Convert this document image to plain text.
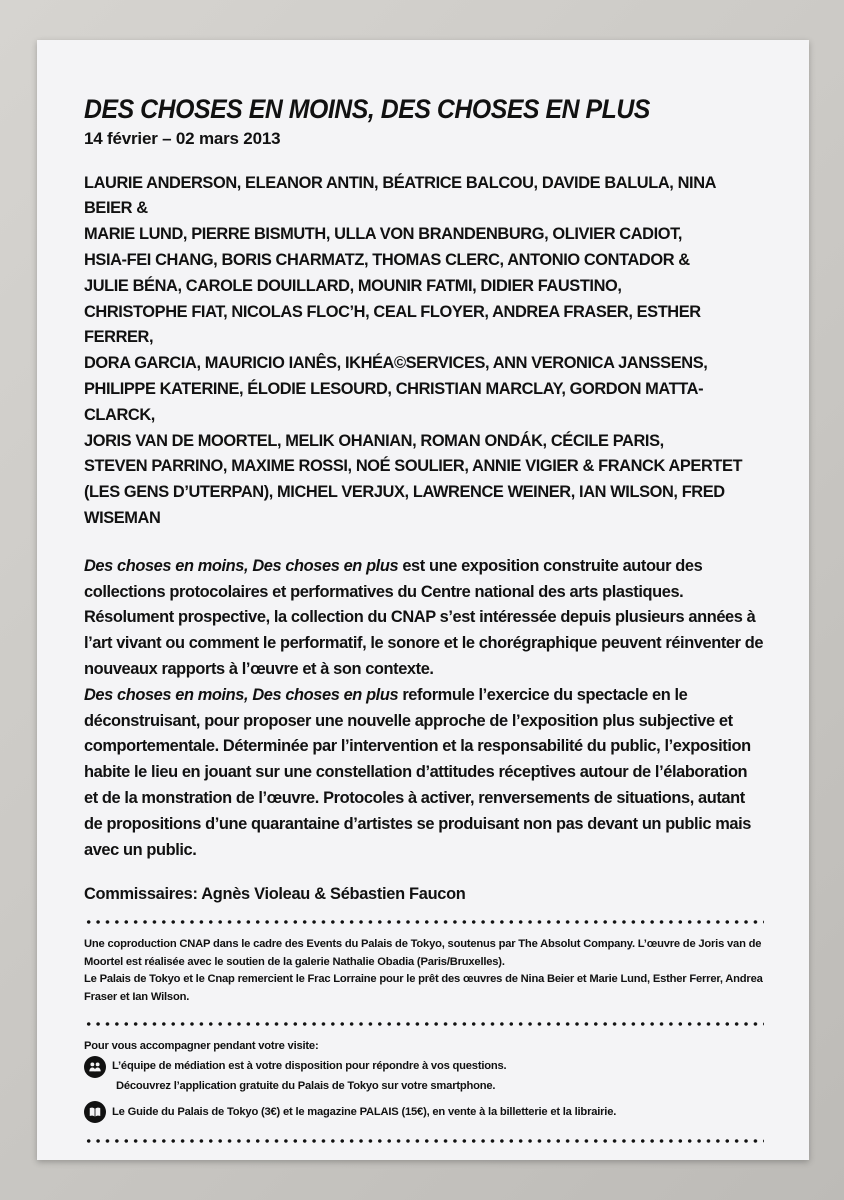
DES CHOSES EN MOINS, DES CHOSES EN PLUS
14 février – 02 mars 2013
LAURIE ANDERSON, ELEANOR ANTIN, BÉATRICE BALCOU, DAVIDE BALULA, NINA BEIER &
MARIE LUND, PIERRE BISMUTH, ULLA VON BRANDENBURG, OLIVIER CADIOT,
HSIA-FEI CHANG, BORIS CHARMATZ, THOMAS CLERC, ANTONIO CONTADOR &
JULIE BÉNA, CAROLE DOUILLARD, MOUNIR FATMI, DIDIER FAUSTINO,
CHRISTOPHE FIAT, NICOLAS FLOC’H, CEAL FLOYER, ANDREA FRASER, ESTHER FERRER,
DORA GARCIA, MAURICIO IANÊS, IKHÉA©SERVICES, ANN VERONICA JANSSENS,
PHILIPPE KATERINE, ÉLODIE LESOURD, CHRISTIAN MARCLAY, GORDON MATTA-CLARCK,
JORIS VAN DE MOORTEL, MELIK OHANIAN, ROMAN ONDÁK, CÉCILE PARIS,
STEVEN PARRINO, MAXIME ROSSI, NOÉ SOULIER, ANNIE VIGIER & FRANCK APERTET
(LES GENS D’UTERPAN), MICHEL VERJUX, LAWRENCE WEINER, IAN WILSON, FRED
WISEMAN

Des choses en moins, Des choses en plus est une exposition construite autour des collections protocolaires et performatives du Centre national des arts plastiques. Résolument prospective, la collection du CNAP s’est intéressée depuis plusieurs années à l’art vivant ou comment le performatif, le sonore et le chorégraphique peuvent réinventer de nouveaux rapports à l’œuvre et à son contexte.

Des choses en moins, Des choses en plus reformule l’exercice du spectacle en le déconstruisant, pour proposer une nouvelle approche de l’exposition plus subjective et comportementale. Déterminée par l’intervention et la responsabilité du public, l’exposition habite le lieu en jouant sur une constellation d’attitudes réceptives autour de l’élaboration et de la monstration de l’œuvre. Protocoles à activer, renversements de situations, autant de propositions d’une quarantaine d’artistes se produisant non pas devant un public mais avec un public.

Commissaires: Agnès Violeau & Sébastien Faucon

Une coproduction CNAP dans le cadre des Events du Palais de Tokyo, soutenus par The Absolut Company. L’œuvre de Joris van de Moortel est réalisée avec le soutien de la galerie Nathalie Obadia (Paris/Bruxelles).

Le Palais de Tokyo et le Cnap remercient le Frac Lorraine pour le prêt des œuvres de Nina Beier et Marie Lund, Esther Ferrer, Andrea Fraser et Ian Wilson.

Pour vous accompagner pendant votre visite:
L’équipe de médiation est à votre disposition pour répondre à vos questions.
Découvrez l’application gratuite du Palais de Tokyo sur votre smartphone.
Le Guide du Palais de Tokyo (3€) et le magazine PALAIS (15€), en vente à la billetterie et la librairie.
